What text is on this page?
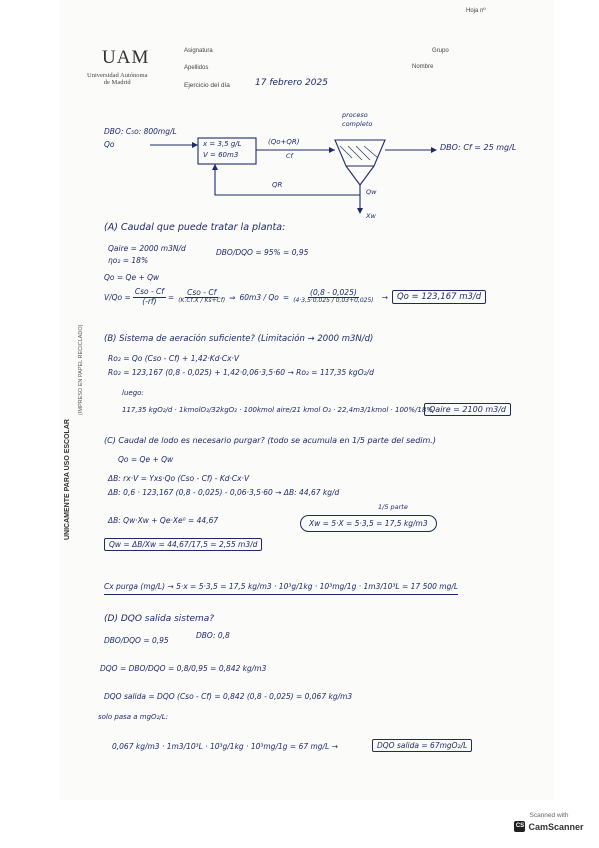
UNICAMENTE PARA USO ESCOLAR
(IMPRESO EN PAPEL RECICLADO)
Hoja nº
UAM
Universidad Autónoma
de Madrid
Asignatura
Apellidos
Ejercicio del día
Grupo
Nombre
17 febrero 2025
DBO: C₅o: 800mg/L
Qo	x = 3,5 g/L
V = 60m3
(Qo+QR)
Cf
proceso
completo
DBO: Cf = 25 mg/L
QR
Qw
Xw
(A) Caudal que puede tratar la planta:
Qaire = 2000 m3N/d
ηo₂ = 18%
DBO/DQO = 95% = 0,95
Qo = Qe + Qw
$V/Qo = \frac{\text{Cso - Cf}}{(-rf)} = \frac{\text{Cso - Cf}}{(K.Cf.X / Ks+Cf)}$ ⇒ $60m3 / Qo = \frac{(0,8 - 0,025)}{(4\cdot 3,5\cdot 0,025 / 0,03+0,025)}$ →	Qo = 123,167 m3/d
(B) Sistema de aeración suficiente? (Limitación → 2000 m3N/d)
Ro₂ = Qo (Cso - Cf) + 1,42·Kd·Cx·V
Ro₂ = 123,167 (0,8 - 0,025) + 1,42·0,06·3,5·60 → Ro₂ = 117,35 kgO₂/d
luego:
117,35 kgO₂/d · 1kmolO₂/32kgO₂ · 100kmol aire/21 kmol O₂ · 22,4m3/1kmol · 100%/18%
Qaire = 2100 m3/d
(C) Caudal de lodo es necesario purgar? (todo se acumula en 1/5 parte del sedim.)
Qo = Qe + Qw
ΔB: rx·V = Yxs·Qo (Cso - Cf) - Kd·Cx·V
ΔB: 0,6 · 123,167 (0,8 - 0,025) - 0,06·3,5·60 → ΔB: 44,67 kg/d
1/5 parte
ΔB: Qw·Xw + Qe·Xe⁰ = 44,67	Xw = 5·X = 5·3,5 = 17,5 kg/m3
Qw = ΔB/Xw = 44,67/17,5 = 2,55 m3/d
Cx purga (mg/L) → 5·x = 5·3,5 = 17,5 kg/m3 · 10³g/1kg · 10³mg/1g · 1m3/10³L = 17 500 mg/L
(D) DQO salida sistema?
DBO/DQO = 0,95
DBO: 0,8
DQO = DBO/DQO = 0,8/0,95 = 0,842 kg/m3
DQO salida = DQO (Cso - Cf) = 0,842 (0,8 - 0,025) = 0,067 kg/m3
solo pasa a mgO₂/L:
0,067 kg/m3 · 1m3/10³L · 10³g/1kg · 10³mg/1g = 67 mg/L →	DQO salida = 67mgO₂/L
Scanned with
CS CamScanner
